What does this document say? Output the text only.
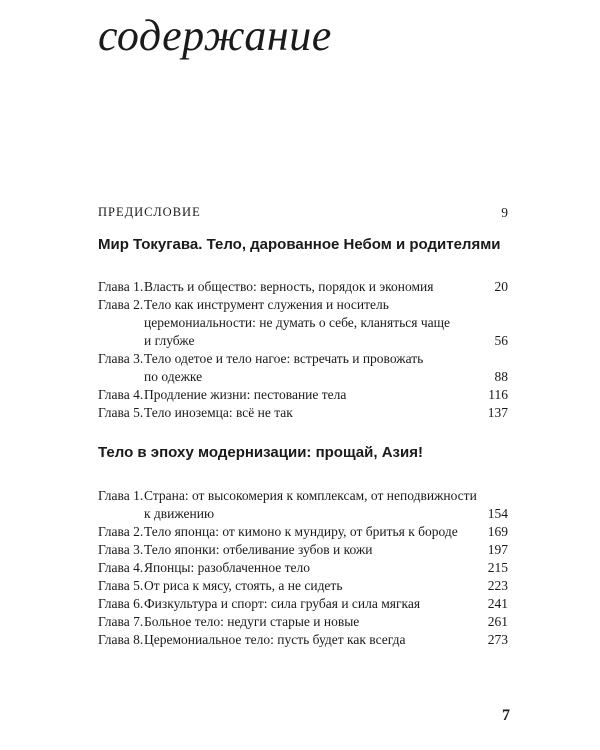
содержание
ПРЕДИСЛОВИЕ	9
Мир Токугава. Тело, дарованное Небом и родителями
Глава 1. Власть и общество: верность, порядок и экономия	20
Глава 2. Тело как инструмент служения и носитель
церемониальности: не думать о себе, кланяться чаще
и глубже	56
Глава 3. Тело одетое и тело нагое: встречать и провожать
по одежке	88
Глава 4. Продление жизни: пестование тела	116
Глава 5. Тело иноземца: всё не так	137
Тело в эпоху модернизации: прощай, Азия!
Глава 1. Страна: от высокомерия к комплексам, от неподвижности
к движению	154
Глава 2. Тело японца: от кимоно к мундиру, от бритья к бороде	169
Глава 3. Тело японки: отбеливание зубов и кожи	197
Глава 4. Японцы: разоблаченное тело	215
Глава 5. От риса к мясу, стоять, а не сидеть	223
Глава 6. Физкультура и спорт: сила грубая и сила мягкая	241
Глава 7. Больное тело: недуги старые и новые	261
Глава 8. Церемониальное тело: пусть будет как всегда	273
7
